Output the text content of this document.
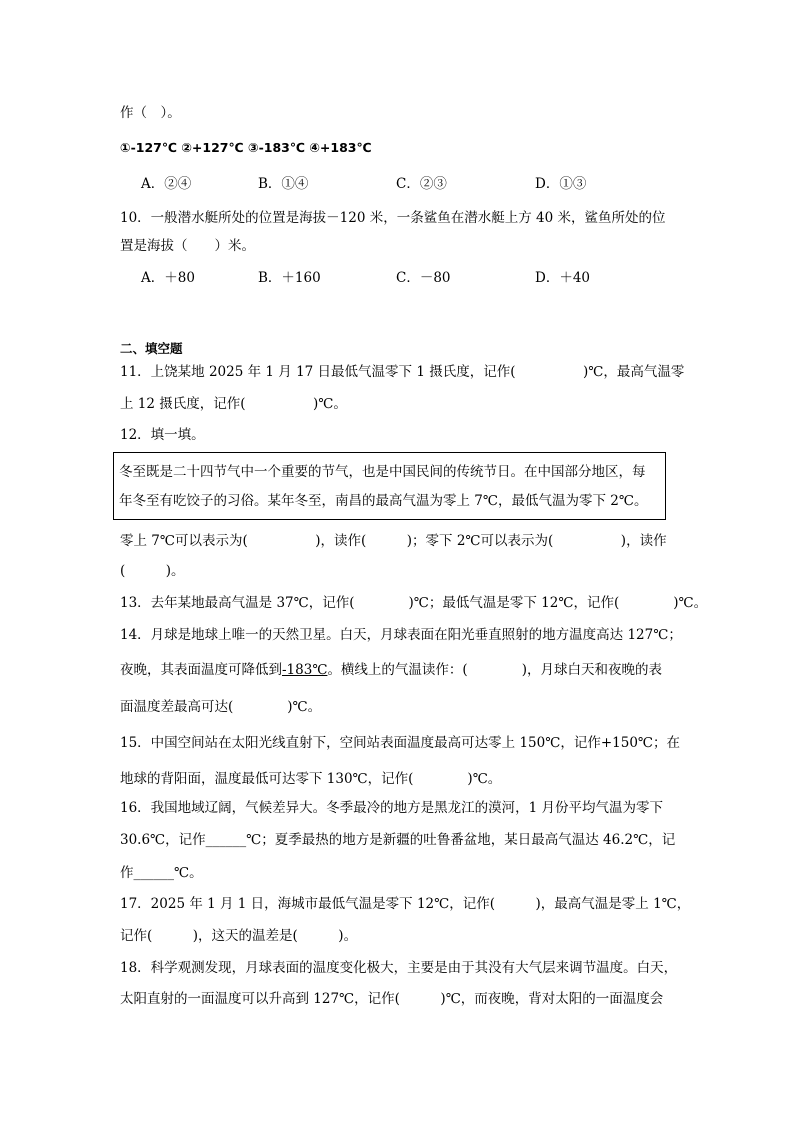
作（　）。
①-127℃ ②+127℃ ③-183℃ ④+183℃
A．②④	B．①④	C．②③	D．①③
10．一般潜水艇所处的位置是海拔－120 米，一条鲨鱼在潜水艇上方 40 米，鲨鱼所处的位
置是海拔（　　）米。
A．＋80	B．＋160	C．－80	D．＋40
二、填空题
11．上饶某地 2025 年 1 月 17 日最低气温零下 1 摄氏度，记作(　　　　　)℃，最高气温零
上 12 摄氏度，记作(　　　　　)℃。
12．填一填。
冬至既是二十四节气中一个重要的节气，也是中国民间的传统节日。在中国部分地区，每
年冬至有吃饺子的习俗。某年冬至，南昌的最高气温为零上 7℃，最低气温为零下 2℃。
零上 7℃可以表示为(　　　　　)，读作(　　　)；零下 2℃可以表示为(　　　　　)，读作
(　　　)。
13．去年某地最高气温是 37℃，记作(　　　　)℃；最低气温是零下 12℃，记作(　　　　)℃。
14．月球是地球上唯一的天然卫星。白天，月球表面在阳光垂直照射的地方温度高达 127℃；
夜晚，其表面温度可降低到-183℃。横线上的气温读作：(　　　　)，月球白天和夜晚的表
面温度差最高可达(　　　　)℃。
15．中国空间站在太阳光线直射下，空间站表面温度最高可达零上 150℃，记作+150℃；在
地球的背阳面，温度最低可达零下 130℃，记作(　　　　)℃。
16．我国地域辽阔，气候差异大。冬季最冷的地方是黑龙江的漠河，1 月份平均气温为零下
30.6℃，记作______℃；夏季最热的地方是新疆的吐鲁番盆地，某日最高气温达 46.2℃，记
作______℃。
17．2025 年 1 月 1 日，海城市最低气温是零下 12℃，记作(　　　)，最高气温是零上 1℃，
记作(　　　)，这天的温差是(　　　)。
18．科学观测发现，月球表面的温度变化极大，主要是由于其没有大气层来调节温度。白天，
太阳直射的一面温度可以升高到 127℃，记作(　　　)℃，而夜晚，背对太阳的一面温度会
